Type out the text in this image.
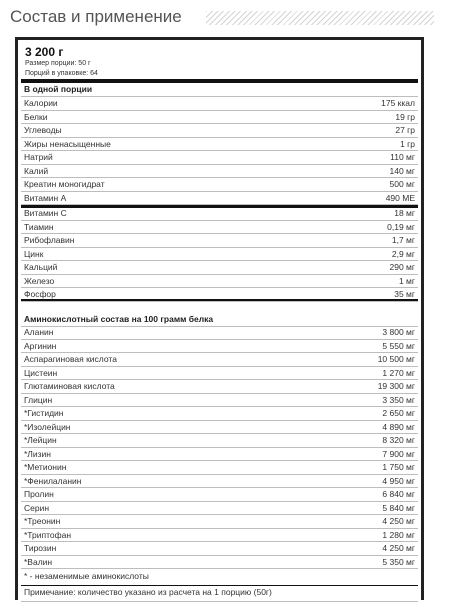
Состав и применение
3 200 г
Размер порции: 50 г
Порций в упаковке: 64
В одной порции
Калории	175 ккал
Белки	19 гр
Углеводы	27 гр
Жиры ненасыщенные	1 гр
Натрий	110 мг
Калий	140 мг
Креатин моногидрат	500 мг
Витамин А	490 МЕ
Витамин С	18 мг
Тиамин	0,19 мг
Рибофлавин	1,7 мг
Цинк	2,9 мг
Кальций	290 мг
Железо	1 мг
Фосфор	35 мг
Аминокислотный состав на 100 грамм белка
Аланин	3 800 мг
Аргинин	5 550 мг
Аспарагиновая кислота	10 500 мг
Цистеин	1 270 мг
Глютаминовая кислота	19 300 мг
Глицин	3 350 мг
*Гистидин	2 650 мг
*Изолейцин	4 890 мг
*Лейцин	8 320 мг
*Лизин	7 900 мг
*Метионин	1 750 мг
*Фенилаланин	4 950 мг
Пролин	6 840 мг
Серин	5 840 мг
*Треонин	4 250 мг
*Триптофан	1 280 мг
Тирозин	4 250 мг
*Валин	5 350 мг
* - незаменимые аминокислоты
Примечание: количество указано из расчета на 1 порцию (50г)
